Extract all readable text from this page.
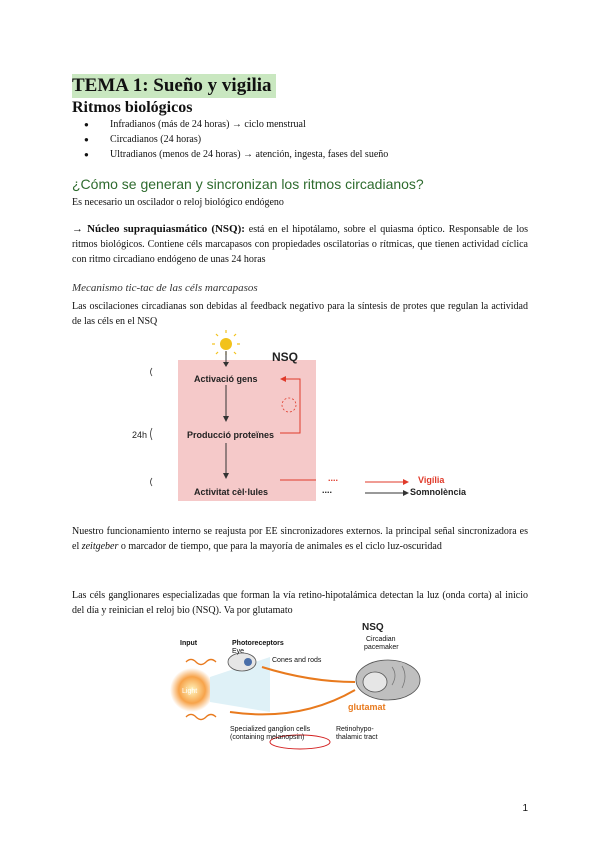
TEMA 1: Sueño y vigilia
Ritmos biológicos
● Infradianos (más de 24 horas) → ciclo menstrual
● Circadianos (24 horas)
● Ultradianos (menos de 24 horas) → atención, ingesta, fases del sueño
¿Cómo se generan y sincronizan los ritmos circadianos?
Es necesario un oscilador o reloj biológico endógeno
→ Núcleo supraquiasmático (NSQ): está en el hipotálamo, sobre el quiasma óptico. Responsable de los ritmos biológicos. Contiene céls marcapasos con propiedades oscilatorias o rítmicas, que tienen actividad cíclica con ritmo circadiano endógeno de unas 24 horas
Mecanismo tic-tac de las céls marcapasos
Las oscilaciones circadianas son debidas al feedback negativo para la síntesis de protes que regulan la actividad de las céls en el NSQ
NSQ
Activació gens
Producció proteïnes
Activitat cèl·lules
24h
....
....
Vigília
Somnolència
Nuestro funcionamiento interno se reajusta por EE sincronizadores externos. la principal señal sincronizadora es el zeitgeber o marcador de tiempo, que para la mayoría de animales es el ciclo luz-oscuridad
Las céls ganglionares especializadas que forman la vía retino-hipotalámica detectan la luz (onda corta) al inicio del día y reinician el reloj bio (NSQ). Va por glutamato
NSQ
Input	Photoreceptors
Eye
Cones and rods
Light
Circadian
pacemaker
glutamat
Specialized ganglion cells
(containing melanopsin)
Retinohypo-
thalamic tract
1
